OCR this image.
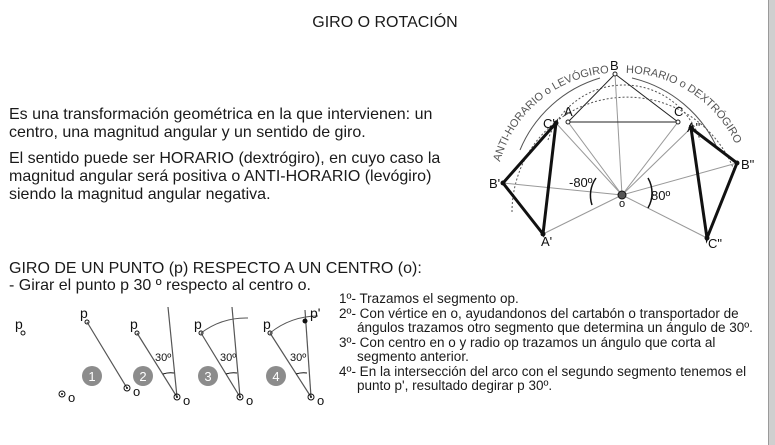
GIRO O ROTACIÓN

Es una transformación geométrica en la que intervienen: un centro, una magnitud angular y un sentido de giro.

El sentido puede ser HORARIO (dextrógiro), en cuyo caso la magnitud angular será positiva o ANTI-HORARIO (levógiro) siendo la magnitud angular negativa.

GIRO DE UN PUNTO (p) RESPECTO A UN CENTRO (o):
- Girar el punto p 30 º respecto al centro o.
1º- Trazamos el segmento op.
2º- Con vértice en o, ayudandonos del cartabón o transportador de ángulos trazamos otro segmento que determina un ángulo de 30º.
3º- Con centro en o y radio op trazamos un ángulo que corta al segmento anterior.
4º- En la intersección del arco con el segundo segmento tenemos el punto p', resultado degirar p 30º.
ANTI-HORARIO o LEVÓGIRO HORARIO o DEXTRÓGIRO
A
B
C
A'
B'
C'	A"
B"
C"
o
-80º
80º
p
p
o
1
o
p
30º
o
2
p
30º
o
3
p
30º
p'
o
4
